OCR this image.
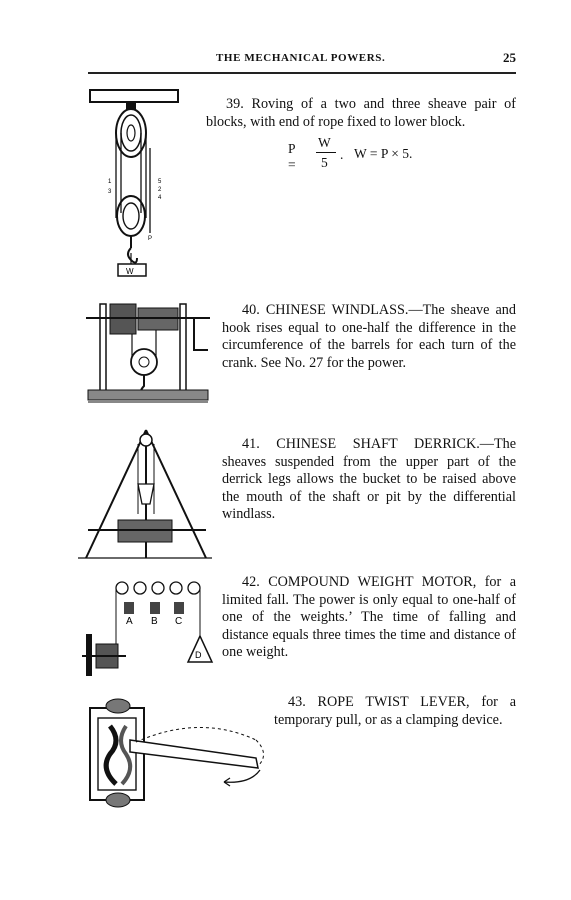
THE MECHANICAL POWERS.	25
39. Roving of a two and three sheave pair of blocks, with end of rope fixed to lower block.
P =
W
5
. W = P × 5.
W
1
3
5
2
4
P
40. CHINESE WINDLASS.—The sheave and hook rises equal to one-half the difference in the circumference of the barrels for each turn of the crank. See No. 27 for the power.
41. CHINESE SHAFT DERRICK.—The sheaves suspended from the upper part of the derrick legs allows the bucket to be raised above the mouth of the shaft or pit by the differential windlass.
42. COMPOUND WEIGHT MOTOR, for a limited fall. The power is only equal to one-half of one of the weights.’ The time of falling and distance equals three times the time and distance of one weight.
A B C
D
43. ROPE TWIST LEVER, for a temporary pull, or as a clamping device.
